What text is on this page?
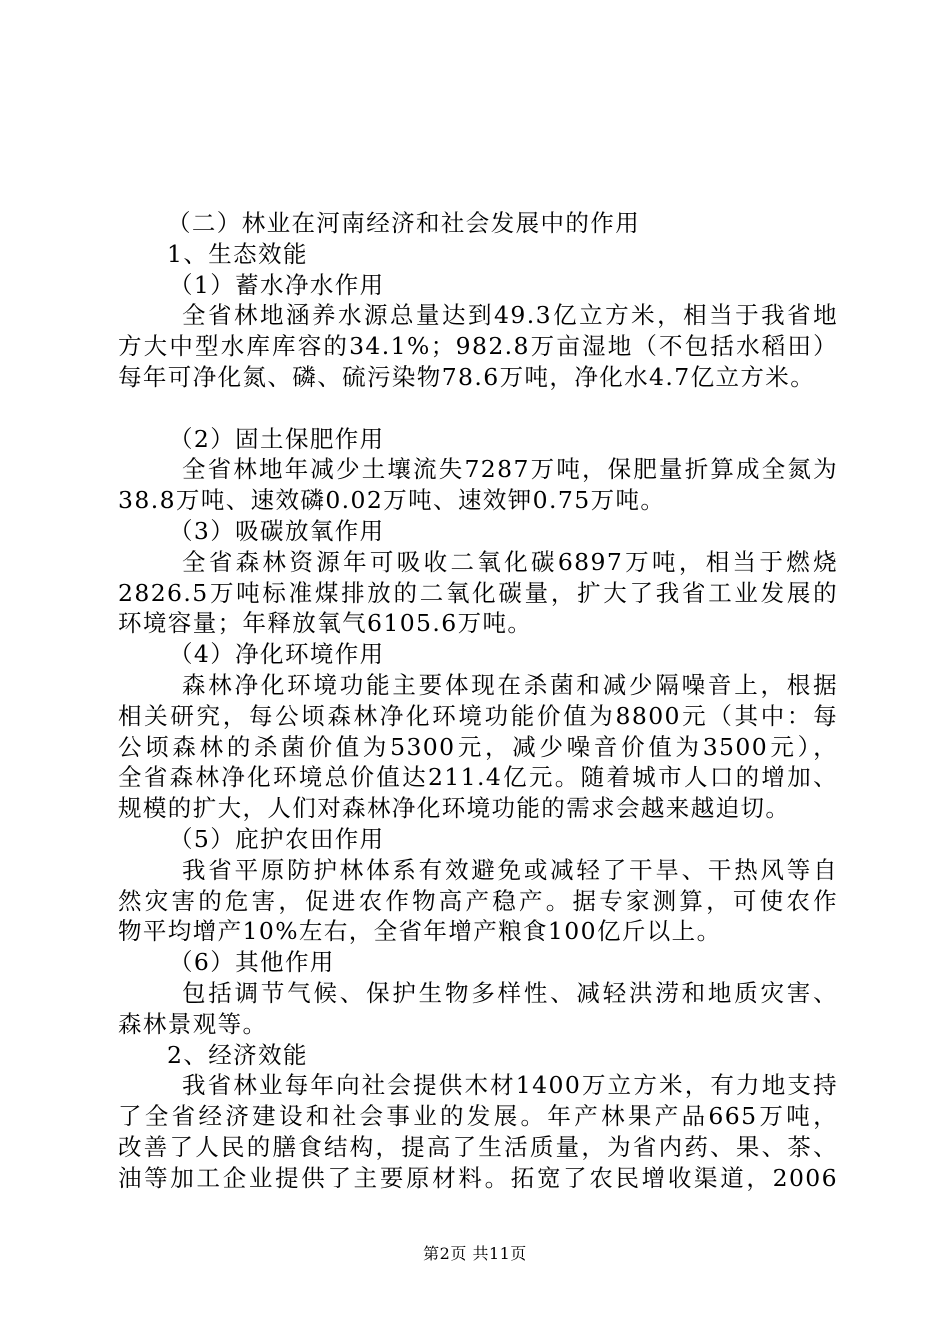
（二）林业在河南经济和社会发展中的作用
1、生态效能
（1）蓄水净水作用
全省林地涵养水源总量达到49.3亿立方米，相当于我省地
方大中型水库库容的34.1%；982.8万亩湿地（不包括水稻田）
每年可净化氮、磷、硫污染物78.6万吨，净化水4.7亿立方米。
（2）固土保肥作用
全省林地年减少土壤流失7287万吨，保肥量折算成全氮为
38.8万吨、速效磷0.02万吨、速效钾0.75万吨。
（3）吸碳放氧作用
全省森林资源年可吸收二氧化碳6897万吨，相当于燃烧
2826.5万吨标准煤排放的二氧化碳量，扩大了我省工业发展的
环境容量；年释放氧气6105.6万吨。
（4）净化环境作用
森林净化环境功能主要体现在杀菌和减少隔噪音上，根据
相关研究，每公顷森林净化环境功能价值为8800元（其中：每
公顷森林的杀菌价值为5300元，减少噪音价值为3500元），
全省森林净化环境总价值达211.4亿元。随着城市人口的增加、
规模的扩大，人们对森林净化环境功能的需求会越来越迫切。
（5）庇护农田作用
我省平原防护林体系有效避免或减轻了干旱、干热风等自
然灾害的危害，促进农作物高产稳产。据专家测算，可使农作
物平均增产10%左右，全省年增产粮食100亿斤以上。
（6）其他作用
包括调节气候、保护生物多样性、减轻洪涝和地质灾害、
森林景观等。
2、经济效能
我省林业每年向社会提供木材1400万立方米，有力地支持
了全省经济建设和社会事业的发展。年产林果产品665万吨，
改善了人民的膳食结构，提高了生活质量，为省内药、果、茶、
油等加工企业提供了主要原材料。拓宽了农民增收渠道，2006
第2页 共11页
